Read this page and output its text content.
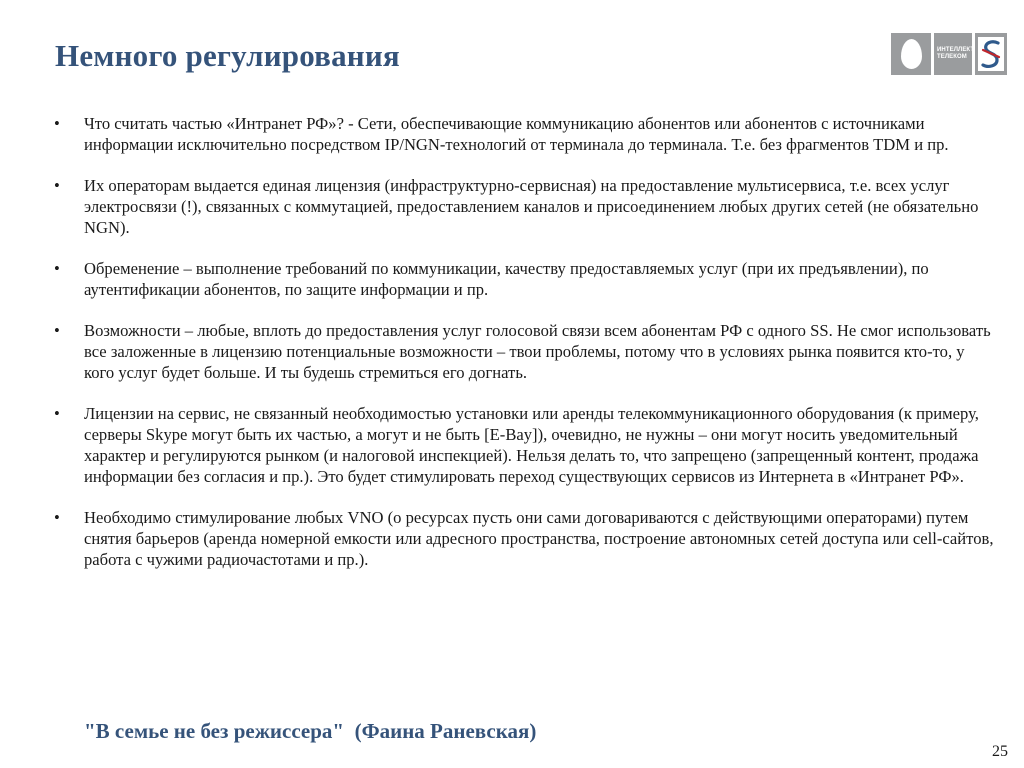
Немного регулирования	ИНТЕЛЛЕКТ
ТЕЛЕКОМ
• Что считать частью «Интранет РФ»? - Сети, обеспечивающие коммуникацию абонентов или абонентов с источниками информации исключительно посредством IP/NGN-технологий от терминала до терминала. Т.е. без фрагментов TDM и пр.
• Их операторам выдается единая лицензия (инфраструктурно-сервисная) на предоставление мультисервиса, т.е. всех услуг электросвязи (!), связанных с коммутацией, предоставлением каналов и присоединением любых других сетей (не обязательно NGN).
• Обременение – выполнение требований по коммуникации, качеству предоставляемых услуг (при их предъявлении), по аутентификации абонентов, по защите информации и пр.
• Возможности – любые, вплоть до предоставления услуг голосовой связи всем абонентам РФ с одного SS. Не смог использовать все заложенные в лицензию потенциальные возможности – твои проблемы, потому что в условиях рынка появится кто-то, у кого услуг будет больше. И ты будешь стремиться его догнать.
• Лицензии на сервис, не связанный необходимостью установки или аренды телекоммуникационного оборудования (к примеру, серверы Skype могут быть их частью, а могут и не быть [E-Bay]), очевидно, не нужны – они могут носить уведомительный характер и регулируются рынком (и налоговой инспекцией). Нельзя делать то, что запрещено (запрещенный контент, продажа информации без согласия и пр.). Это будет стимулировать переход существующих сервисов из Интернета в «Интранет РФ».
• Необходимо стимулирование любых VNO (о ресурсах пусть они сами договариваются с действующими операторами) путем снятия барьеров (аренда номерной емкости или адресного пространства, построение автономных сетей доступа или cell-сайтов, работа с чужими радиочастотами и пр.).

"В семье не без режиссера"  (Фаина Раневская)

25
